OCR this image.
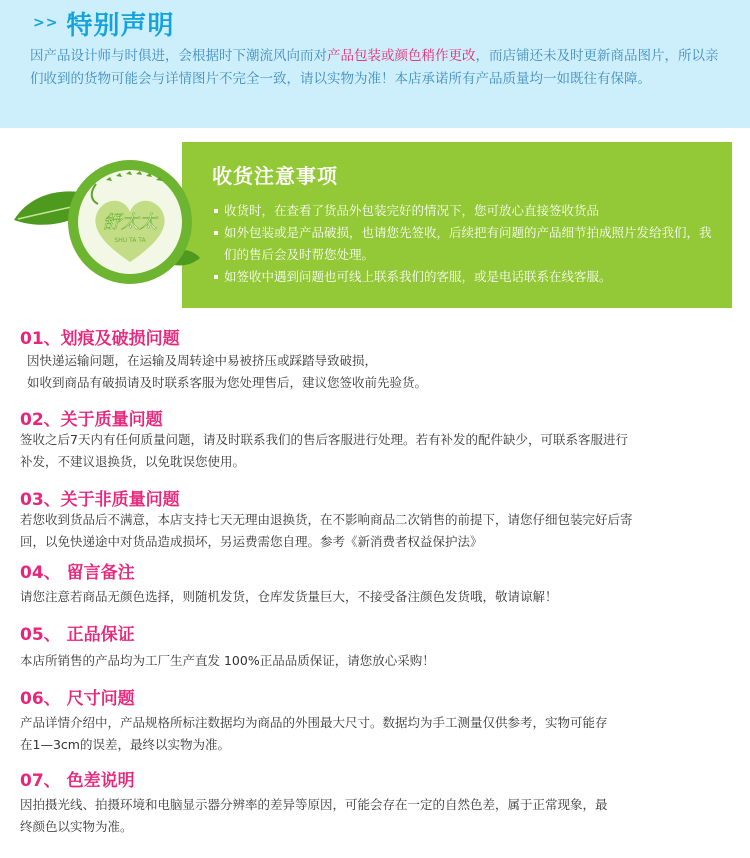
>> 特别声明

因产品设计师与时俱进，会根据时下潮流风向而对产品包装或颜色稍作更改，而店铺还未及时更新商品图片，所以亲们收到的货物可能会与详情图片不完全一致，请以实物为准！本店承诺所有产品质量均一如既往有保障。

收货注意事项
收货时，在查看了货品外包装完好的情况下，您可放心直接签收货品
如外包装或是产品破损，也请您先签收，后续把有问题的产品细节拍成照片发给我们，我们的售后会及时帮您处理。
如签收中遇到问题也可线上联系我们的客服，或是电话联系在线客服。
舒太太
SHU TA TA
01、划痕及破损问题

因快递运输问题，在运输及周转途中易被挤压或踩踏导致破损，
如收到商品有破损请及时联系客服为您处理售后，建议您签收前先验货。

02、关于质量问题

签收之后7天内有任何质量问题，请及时联系我们的售后客服进行处理。若有补发的配件缺少，可联系客服进行
补发，不建议退换货，以免耽误您使用。

03、关于非质量问题

若您收到货品后不满意，本店支持七天无理由退换货，在不影响商品二次销售的前提下，请您仔细包装完好后寄
回，以免快递途中对货品造成损坏，另运费需您自理。参考《新消费者权益保护法》

04、 留言备注

请您注意若商品无颜色选择，则随机发货，仓库发货量巨大，不接受备注颜色发货哦，敬请谅解！

05、 正品保证

本店所销售的产品均为工厂生产直发 100%正品品质保证，请您放心采购！

06、 尺寸问题

产品详情介绍中，产品规格所标注数据均为商品的外围最大尺寸。数据均为手工测量仅供参考，实物可能存
在1—3cm的误差，最终以实物为准。

07、 色差说明

因拍摄光线、拍摄环境和电脑显示器分辨率的差异等原因，可能会存在一定的自然色差，属于正常现象，最
终颜色以实物为准。
